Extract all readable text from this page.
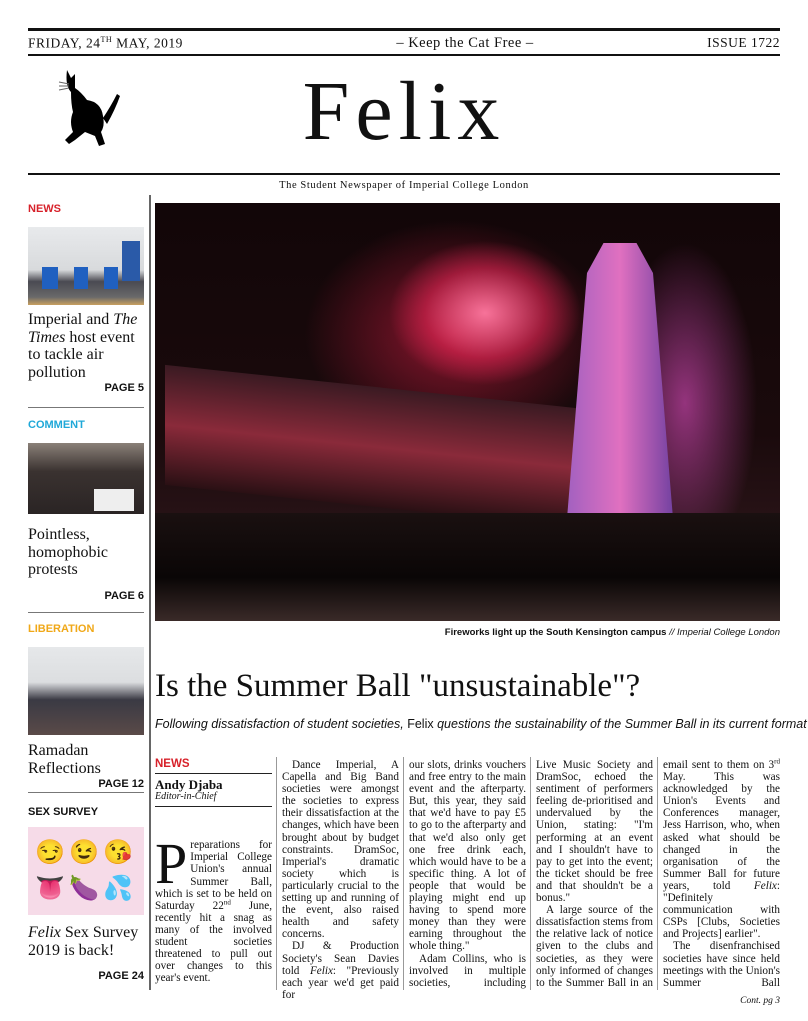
FRIDAY, 24TH MAY, 2019	– Keep the Cat Free –	ISSUE 1722
Felix
The Student Newspaper of Imperial College London
NEWS
Imperial and The Times host event to tackle air pollution
PAGE 5
COMMENT
Pointless, homophobic protests
PAGE 6
LIBERATION
Ramadan Reflections
PAGE 12
SEX SURVEY
😏😉😘
👅🍆💦
Felix Sex Survey 2019 is back!
PAGE 24
Fireworks light up the South Kensington campus // Imperial College London
Is the Summer Ball "unsustainable"?
Following dissatisfaction of student societies, Felix questions the sustainability of the Summer Ball in its current format
NEWS
Andy Djaba
Editor-in-Chief

Preparations for Imperial College Union's annual Summer Ball, which is set to be held on Saturday 22nd June, recently hit a snag as many of the involved student societies threatened to pull out over changes to this year's event.

Dance Imperial, A Capella and Big Band societies were amongst the societies to express their dissatisfaction at the changes, which have been brought about by budget constraints. DramSoc, Imperial's dramatic society which is particularly crucial to the setting up and running of the event, also raised health and safety concerns.

DJ & Production Society's Sean Davies told Felix: "Previously each year we'd get paid for

our slots, drinks vouchers and free entry to the main event and the afterparty. But, this year, they said that we'd have to pay £5 to go to the afterparty and that we'd also only get one free drink each, which would have to be a specific thing. A lot of people that would be playing might end up having to spend more money than they were earning throughout the whole thing."

Adam Collins, who is involved in multiple societies, including

Live Music Society and DramSoc, echoed the sentiment of performers feeling de-prioritised and undervalued by the Union, stating: "I'm performing at an event and I shouldn't have to pay to get into the event; the ticket should be free and that shouldn't be a bonus."

A large source of the dissatisfaction stems from the relative lack of notice given to the clubs and societies, as they were only informed of changes to the Summer Ball in an

email sent to them on 3rd May. This was acknowledged by the Union's Events and Conferences manager, Jess Harrison, who, when asked what should be changed in the organisation of the Summer Ball for future years, told Felix: "Definitely communication with CSPs [Clubs, Societies and Projects] earlier".

The disenfranchised societies have since held meetings with the Union's Summer Ball

Cont. pg 3
